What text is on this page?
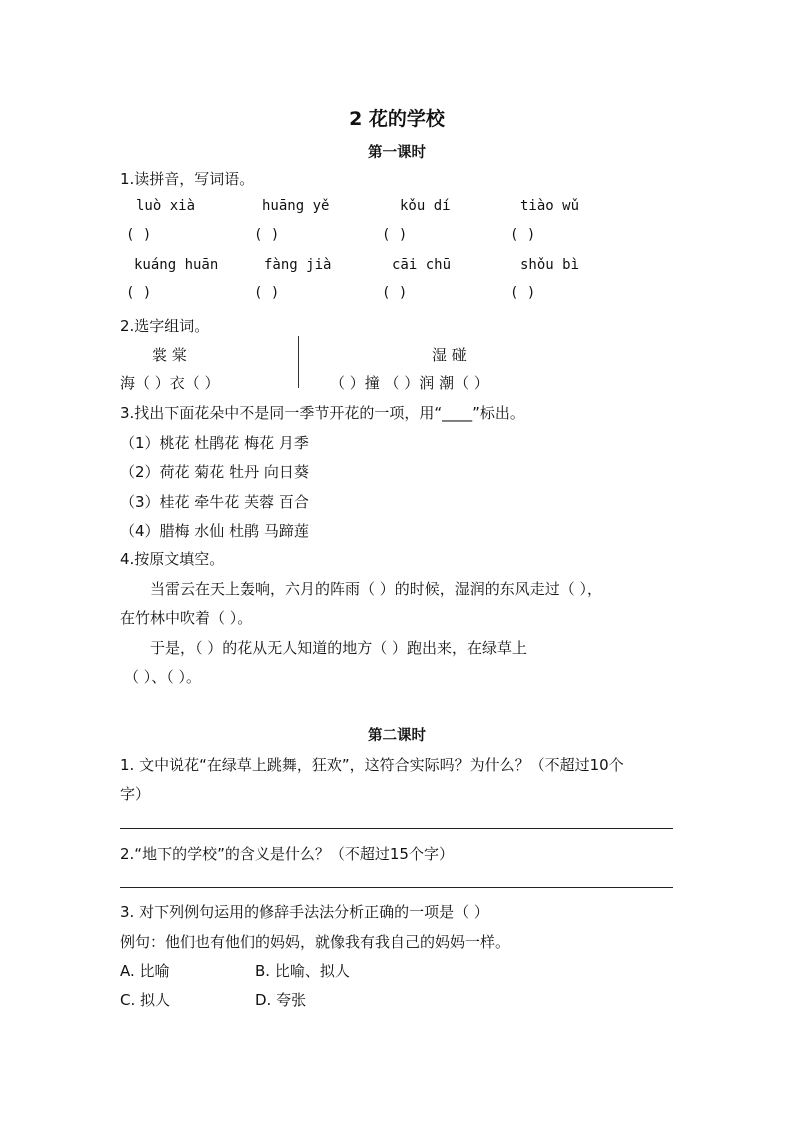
2 花的学校
第一课时
1.读拼音，写词语。
luò xià	huāng yě	kǒu dí	tiào wǔ
( )	( )	( )	( )
kuáng huān	fàng jià	cāi chū	shǒu bì
( )	( )	( )	( )
2.选字组词。
裳 棠
海（ ）衣（ ）
湿 碰
（ ）撞 （ ）润 潮（ ）
3.找出下面花朵中不是同一季节开花的一项，用“____”标出。
（1）桃花 杜鹃花 梅花 月季
（2）荷花 菊花 牡丹 向日葵
（3）桂花 牵牛花 芙蓉 百合
（4）腊梅 水仙 杜鹃 马蹄莲
4.按原文填空。
当雷云在天上轰响，六月的阵雨（ ）的时候，湿润的东风走过（ ），
在竹林中吹着（ ）。
于是，（ ）的花从无人知道的地方（ ）跑出来，在绿草上
（ ）、（ ）。
第二课时
1. 文中说花“在绿草上跳舞，狂欢”，这符合实际吗？为什么？（不超过10个
字）
2.“地下的学校”的含义是什么？（不超过15个字）
3. 对下列例句运用的修辞手法法分析正确的一项是（ ）
例句：他们也有他们的妈妈，就像我有我自己的妈妈一样。
A. 比喻	B. 比喻、拟人
C. 拟人	D. 夸张
